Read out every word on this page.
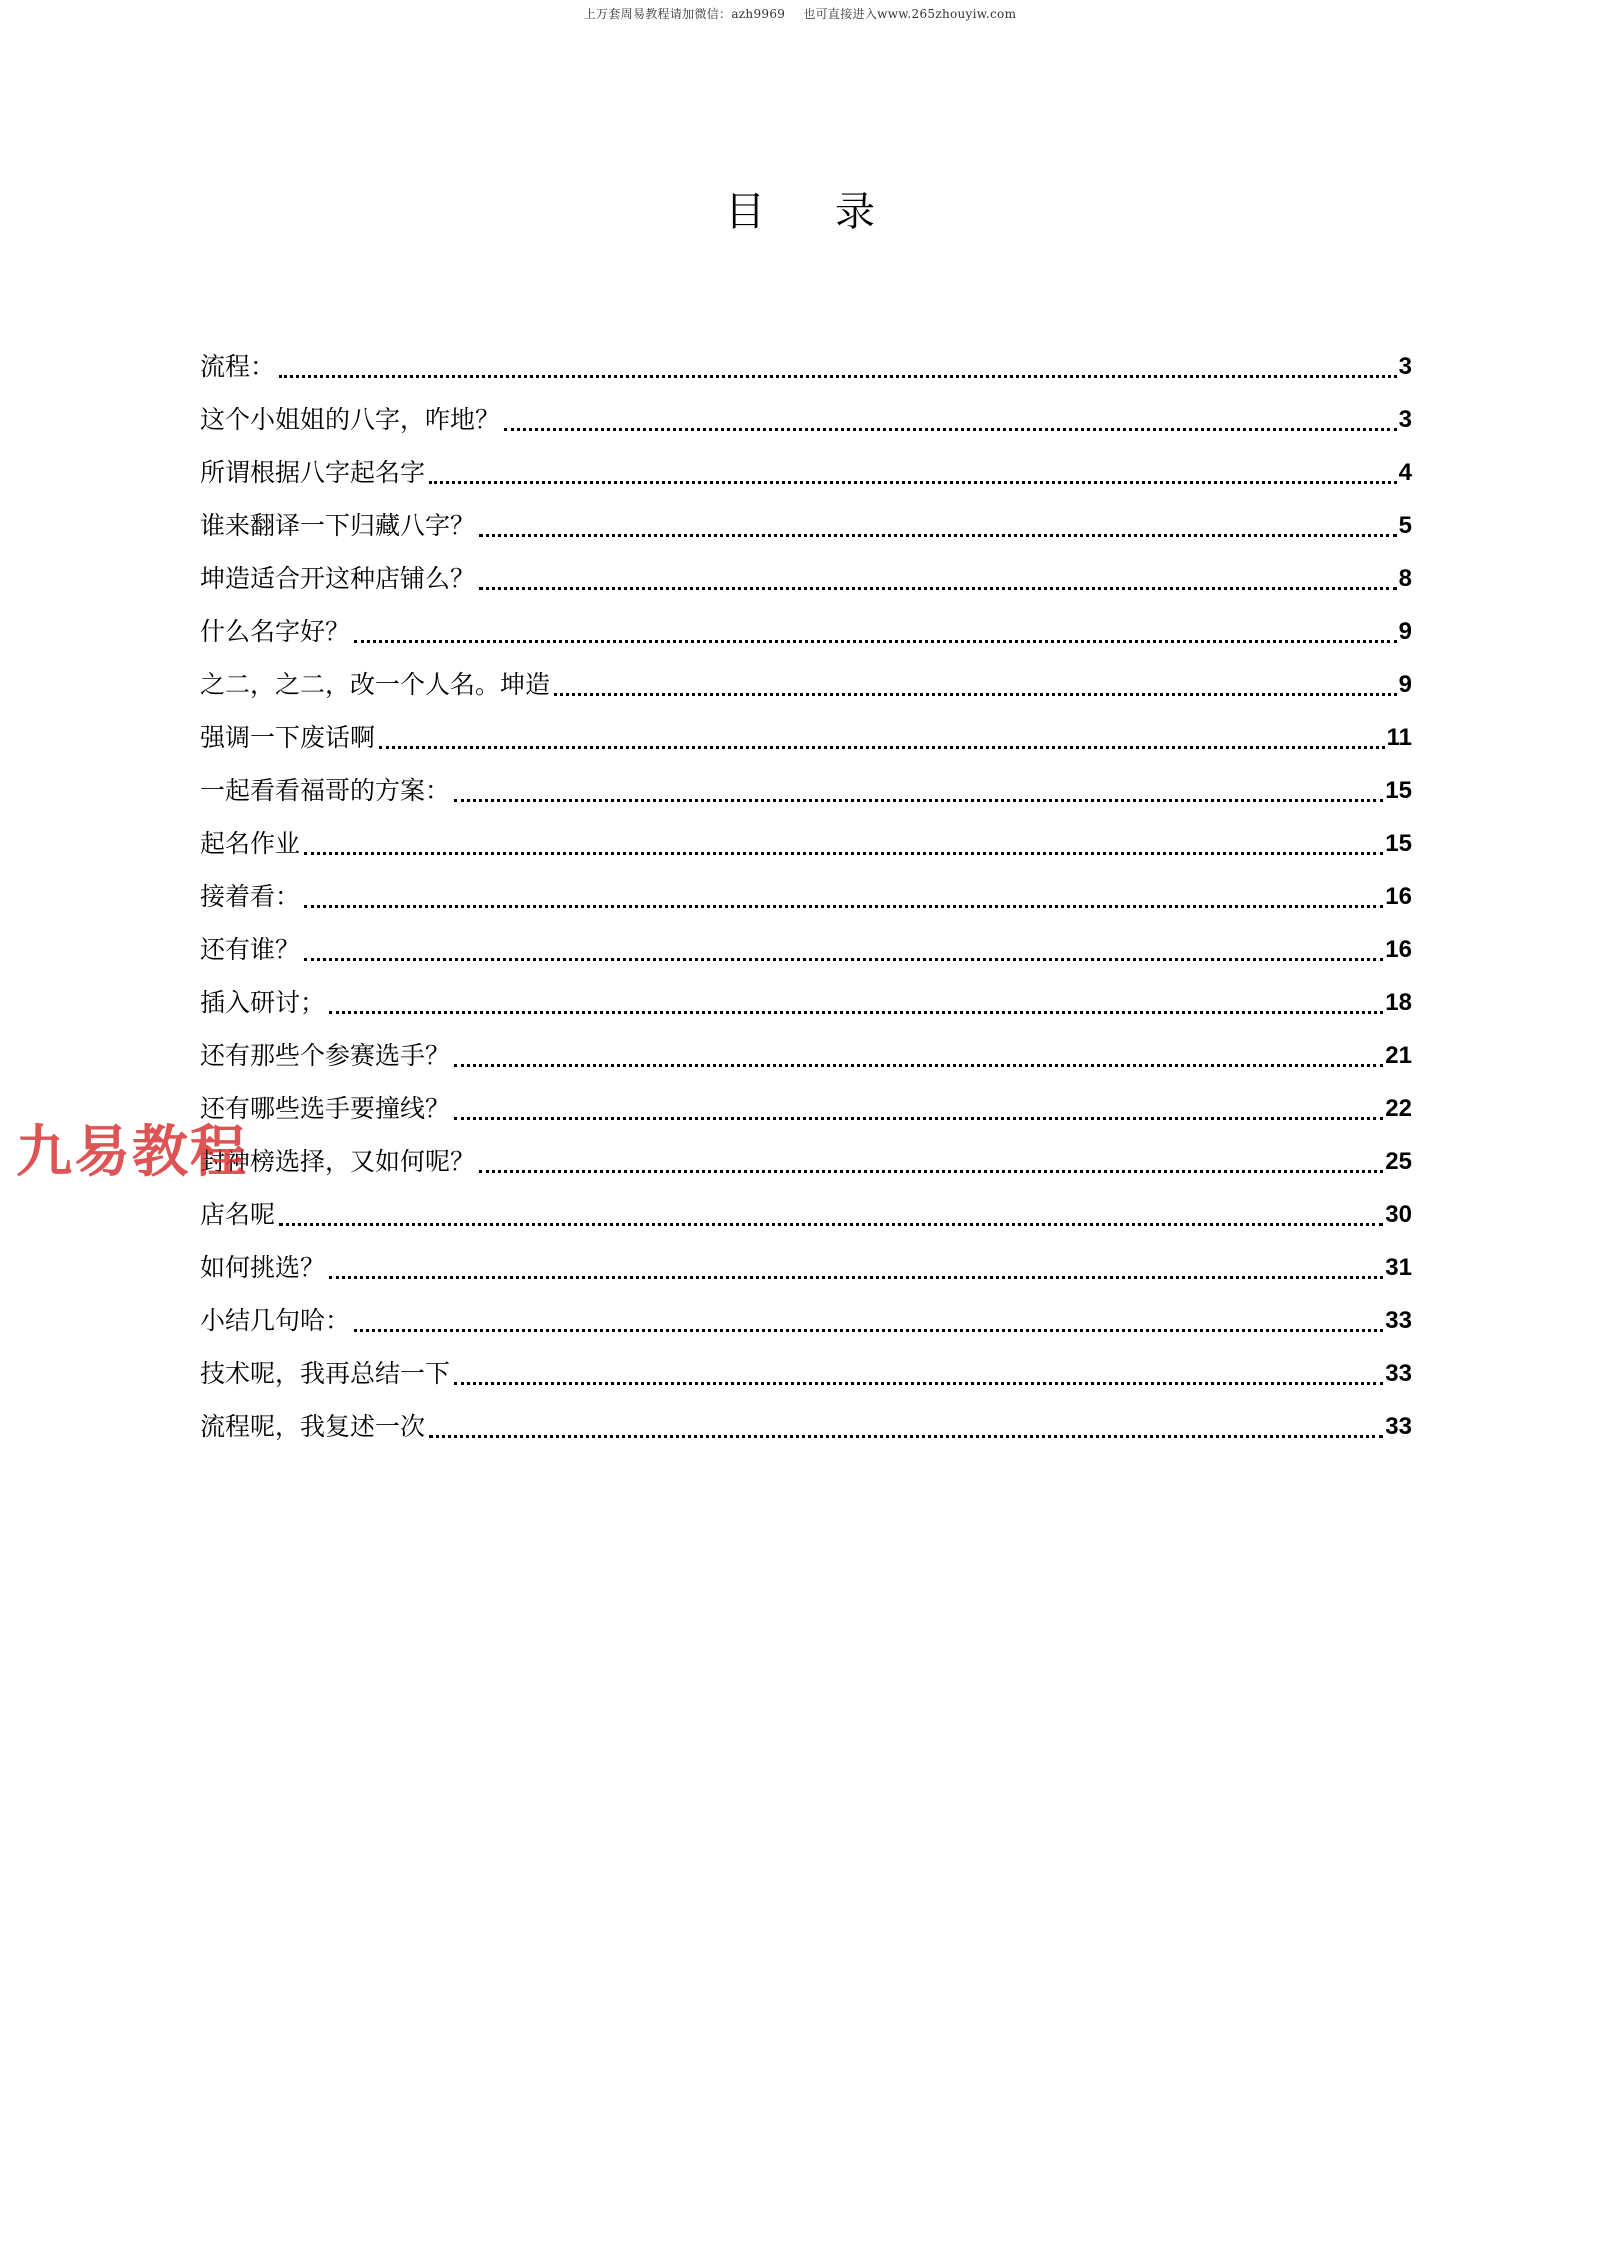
上万套周易教程请加微信：azh9969 也可直接进入www.265zhouyiw.com
目录
流程：	3
这个小姐姐的八字，咋地？	3
所谓根据八字起名字	4
谁来翻译一下归藏八字？	5
坤造适合开这种店铺么？	8
什么名字好？	9
之二，之二，改一个人名。坤造	9
强调一下废话啊	11
一起看看福哥的方案：	15
起名作业	15
接着看：	16
还有谁？	16
插入研讨；	18
还有那些个参赛选手？	21
还有哪些选手要撞线？	22
封神榜选择，又如何呢？	25
店名呢	30
如何挑选？	31
小结几句哈：	33
技术呢，我再总结一下	33
流程呢，我复述一次	33
九易教程
